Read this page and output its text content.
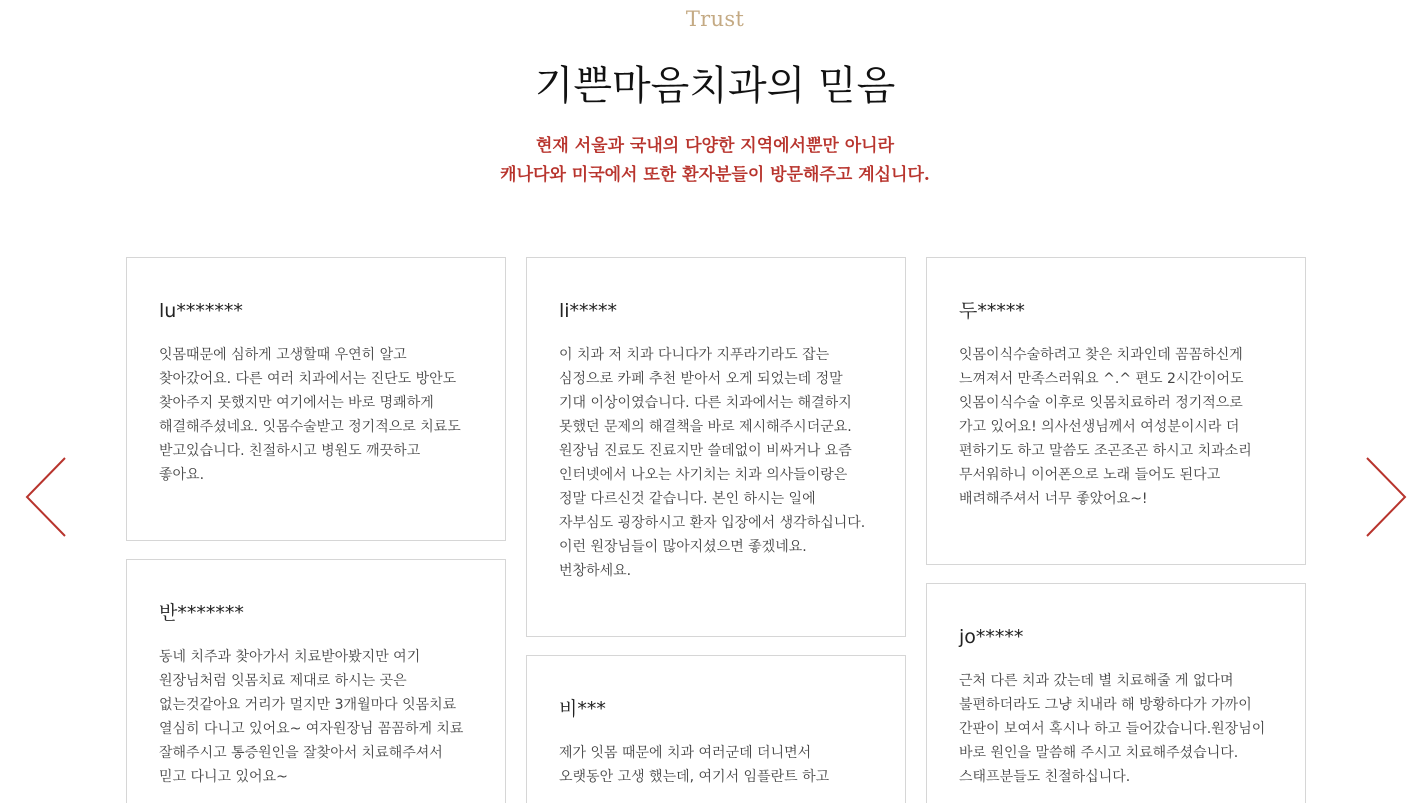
Trust
기쁜마음치과의 믿음
현재 서울과 국내의 다양한 지역에서뿐만 아니라
캐나다와 미국에서 또한 환자분들이 방문해주고 계십니다.
lu*******

잇몸때문에 심하게 고생할때 우연히 알고
찾아갔어요. 다른 여러 치과에서는 진단도 방안도
찾아주지 못했지만 여기에서는 바로 명쾌하게
해결해주셨네요. 잇몸수술받고 정기적으로 치료도
받고있습니다. 친절하시고 병원도 깨끗하고
좋아요.

반*******

동네 치주과 찾아가서 치료받아봤지만 여기
원장님처럼 잇몸치료 제대로 하시는 곳은
없는것같아요 거리가 멀지만 3개월마다 잇몸치료
열심히 다니고 있어요~ 여자원장님 꼼꼼하게 치료
잘해주시고 통증원인을 잘찾아서 치료해주셔서
믿고 다니고 있어요~

li*****

이 치과 저 치과 다니다가 지푸라기라도 잡는
심정으로 카페 추천 받아서 오게 되었는데 정말
기대 이상이였습니다. 다른 치과에서는 해결하지
못했던 문제의 해결책을 바로 제시해주시더군요.
원장님 진료도 진료지만 쓸데없이 비싸거나 요즘
인터넷에서 나오는 사기치는 치과 의사들이랑은
정말 다르신것 같습니다. 본인 하시는 일에
자부심도 굉장하시고 환자 입장에서 생각하십니다.
이런 원장님들이 많아지셨으면 좋겠네요.
번창하세요.

비***

제가 잇몸 때문에 치과 여러군데 더니면서
오랫동안 고생 했는데, 여기서 임플란트 하고

두*****

잇몸이식수술하려고 찾은 치과인데 꼼꼼하신게
느껴져서 만족스러워요 ^.^ 편도 2시간이어도
잇몸이식수술 이후로 잇몸치료하러 정기적으로
가고 있어요! 의사선생님께서 여성분이시라 더
편하기도 하고 말씀도 조곤조곤 하시고 치과소리
무서워하니 이어폰으로 노래 들어도 된다고
배려해주셔서 너무 좋았어요~!

jo*****

근처 다른 치과 갔는데 별 치료해줄 게 없다며
불편하더라도 그냥 치내라 해 방황하다가 가까이
간판이 보여서 혹시나 하고 들어갔습니다.원장님이
바로 원인을 말씀해 주시고 치료해주셨습니다.
스태프분들도 친절하십니다.
